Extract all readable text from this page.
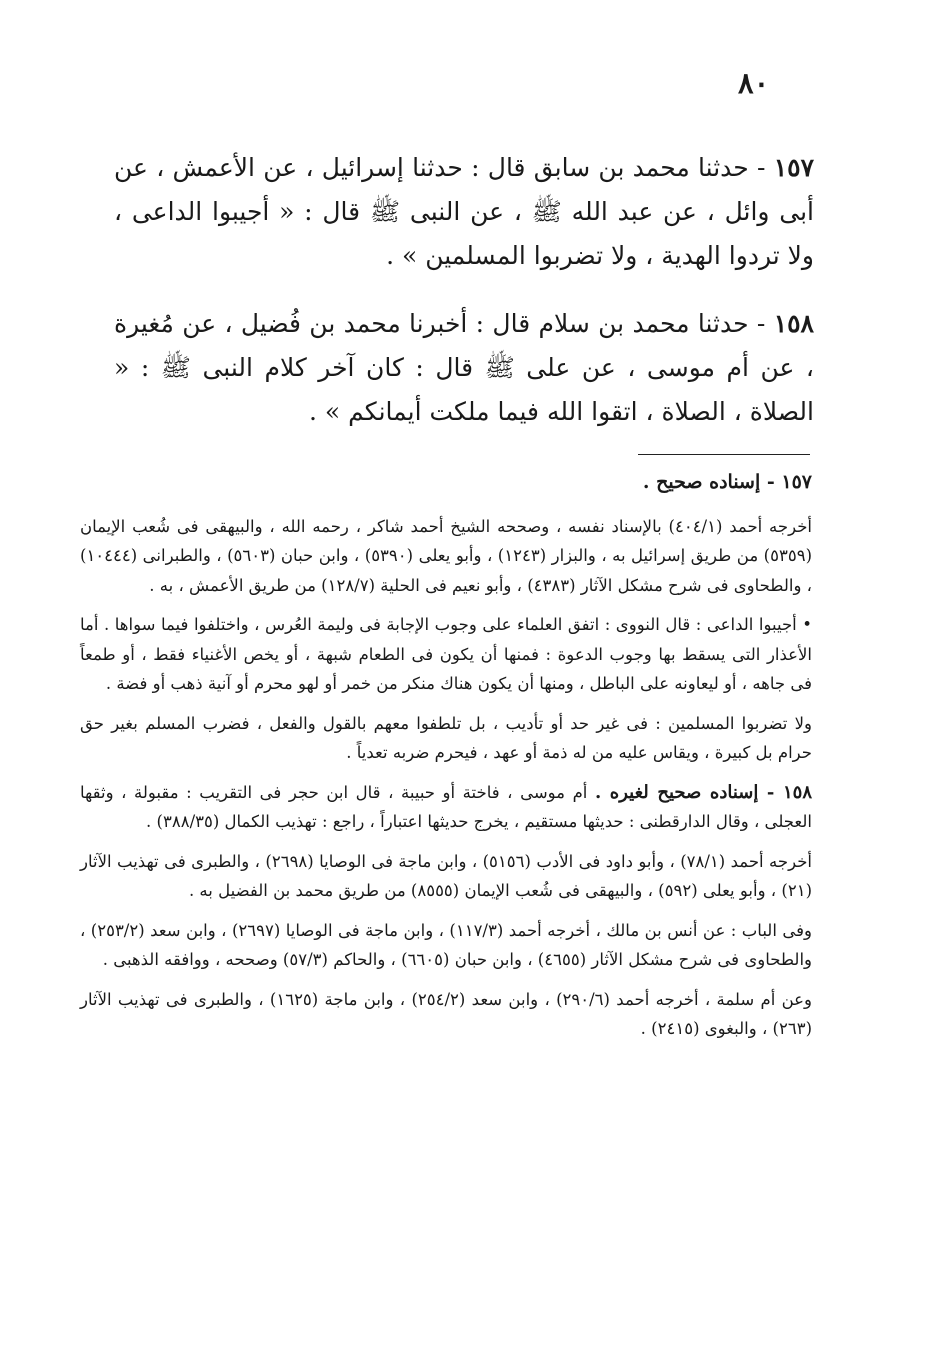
٨٠

١٥٧ - حدثنا محمد بن سابق قال : حدثنا إسرائيل ، عن الأعمش ، عن أبى وائل ، عن عبد الله ﷺ ، عن النبى ﷺ قال : « أجيبوا الداعى ، ولا تردوا الهدية ، ولا تضربوا المسلمين » .

١٥٨ - حدثنا محمد بن سلام قال : أخبرنا محمد بن فُضيل ، عن مُغيرة ، عن أم موسى ، عن على ﷺ قال : كان آخر كلام النبى ﷺ : « الصلاة ، الصلاة ، اتقوا الله فيما ملكت أيمانكم » .

١٥٧ - إسناده صحيح .

أخرجه أحمد (٤٠٤/١) بالإسناد نفسه ، وصححه الشيخ أحمد شاكر ، رحمه الله ، والبيهقى فى شُعب الإيمان (٥٣٥٩) من طريق إسرائيل به ، والبزار (١٢٤٣) ، وأبو يعلى (٥٣٩٠) ، وابن حبان (٥٦٠٣) ، والطبرانى (١٠٤٤٤) ، والطحاوى فى شرح مشكل الآثار (٤٣٨٣) ، وأبو نعيم فى الحلية (١٢٨/٧) من طريق الأعمش ، به .

• أجيبوا الداعى : قال النووى : اتفق العلماء على وجوب الإجابة فى وليمة العُرس ، واختلفوا فيما سواها . أما الأعذار التى يسقط بها وجوب الدعوة : فمنها أن يكون فى الطعام شبهة ، أو يخص الأغنياء فقط ، أو طمعاً فى جاهه ، أو ليعاونه على الباطل ، ومنها أن يكون هناك منكر من خمر أو لهو محرم أو آنية ذهب أو فضة .

ولا تضربوا المسلمين : فى غير حد أو تأديب ، بل تلطفوا معهم بالقول والفعل ، فضرب المسلم بغير حق حرام بل كبيرة ، ويقاس عليه من له ذمة أو عهد ، فيحرم ضربه تعدياً .

١٥٨ - إسناده صحيح لغيره . أم موسى ، فاختة أو حبيبة ، قال ابن حجر فى التقريب : مقبولة ، وثقها العجلى ، وقال الدارقطنى : حديثها مستقيم ، يخرج حديثها اعتباراً ، راجع : تهذيب الكمال (٣٨٨/٣٥) .

أخرجه أحمد (٧٨/١) ، وأبو داود فى الأدب (٥١٥٦) ، وابن ماجة فى الوصايا (٢٦٩٨) ، والطبرى فى تهذيب الآثار (٢١) ، وأبو يعلى (٥٩٢) ، والبيهقى فى شُعب الإيمان (٨٥٥٥) من طريق محمد بن الفضيل به .

وفى الباب : عن أنس بن مالك ، أخرجه أحمد (١١٧/٣) ، وابن ماجة فى الوصايا (٢٦٩٧) ، وابن سعد (٢٥٣/٢) ، والطحاوى فى شرح مشكل الآثار (٤٦٥٥) ، وابن حبان (٦٦٠٥) ، والحاكم (٥٧/٣) وصححه ، ووافقه الذهبى .

وعن أم سلمة ، أخرجه أحمد (٢٩٠/٦) ، وابن سعد (٢٥٤/٢) ، وابن ماجة (١٦٢٥) ، والطبرى فى تهذيب الآثار (٢٦٣) ، والبغوى (٢٤١٥) .
